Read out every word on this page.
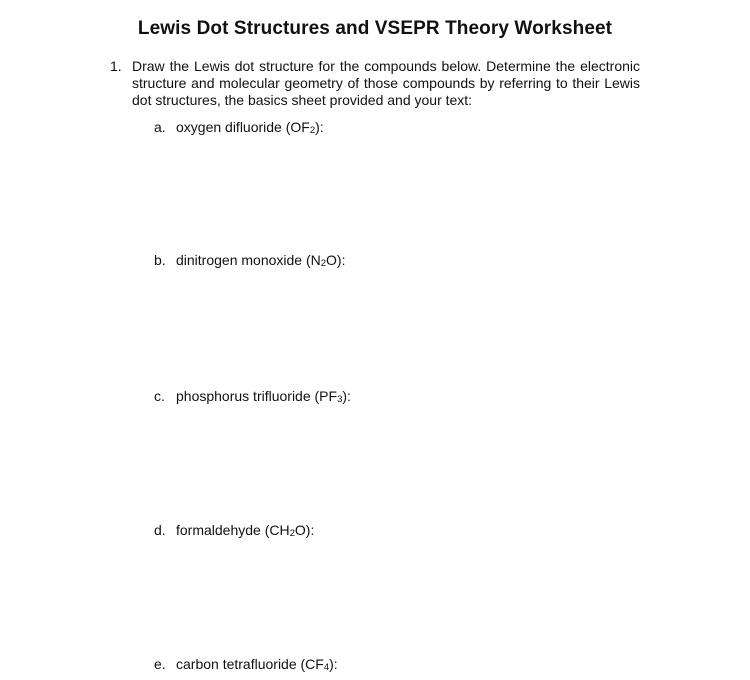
Lewis Dot Structures and VSEPR Theory Worksheet
1. Draw the Lewis dot structure for the compounds below. Determine the electronic structure and molecular geometry of those compounds by referring to their Lewis dot structures, the basics sheet provided and your text:
a. oxygen difluoride $(OF_2)$:
b. dinitrogen monoxide $(N_2O)$:
c. phosphorus trifluoride $(PF_3)$:
d. formaldehyde $(CH_2O)$:
e. carbon tetrafluoride $(CF_4)$:
